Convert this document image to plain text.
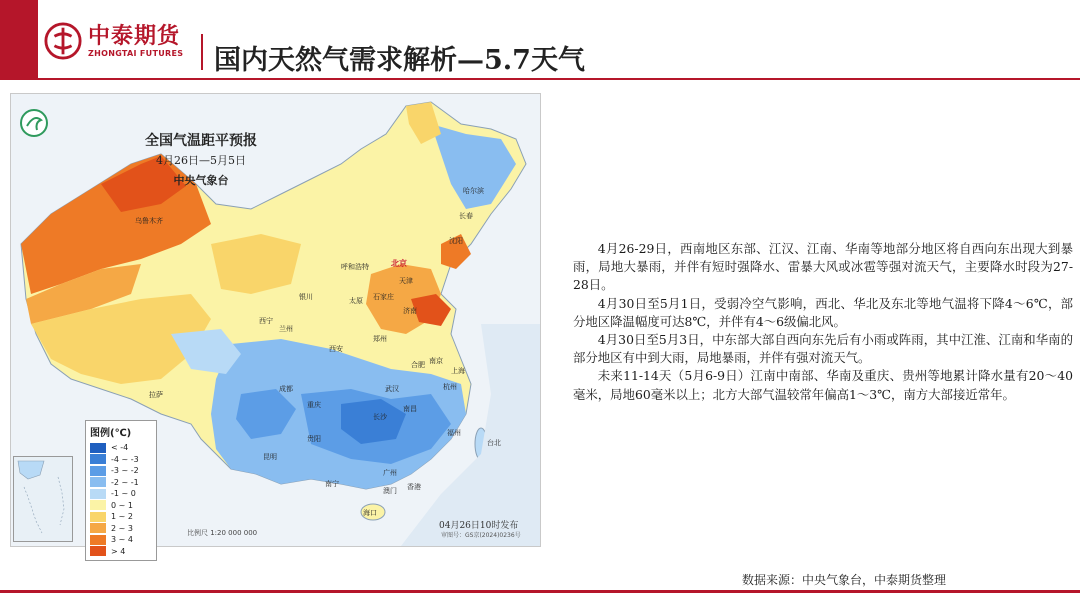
中泰期货
ZHONGTAI FUTURES 国内天然气需求解析—5.7天气
全国气温距平预报
4月26日—5月5日
中央气象台
乌鲁木齐
哈尔滨
长春
沈阳
北京
天津
呼和浩特
石家庄
太原
济南
银川
西宁
兰州
郑州
西安
合肥 南京
上海
武汉	杭州
拉萨
成都
重庆
长沙
南昌
福州
贵阳	台北
昆明
南宁
广州
香港
澳门
海口
图例(℃)
< -4
-4 ~ -3
-3 ~ -2
-2 ~ -1
-1 ~ 0
0 ~ 1
1 ~ 2
2 ~ 3
3 ~ 4
> 4
比例尺 1:20 000 000
04月26日10时发布
审图号：GS京(2024)0236号

4月26-29日，西南地区东部、江汉、江南、华南等地部分地区将自西向东出现大到暴雨，局地大暴雨，并伴有短时强降水、雷暴大风或冰雹等强对流天气，主要降水时段为27-28日。

4月30日至5月1日，受弱冷空气影响，西北、华北及东北等地气温将下降4～6℃，部分地区降温幅度可达8℃，并伴有4～6级偏北风。

4月30日至5月3日，中东部大部自西向东先后有小雨或阵雨，其中江淮、江南和华南的部分地区有中到大雨，局地暴雨，并伴有强对流天气。

未来11-14天（5月6-9日）江南中南部、华南及重庆、贵州等地累计降水量有20～40毫米，局地60毫米以上；北方大部气温较常年偏高1～3℃，南方大部接近常年。

数据来源：中央气象台，中泰期货整理
